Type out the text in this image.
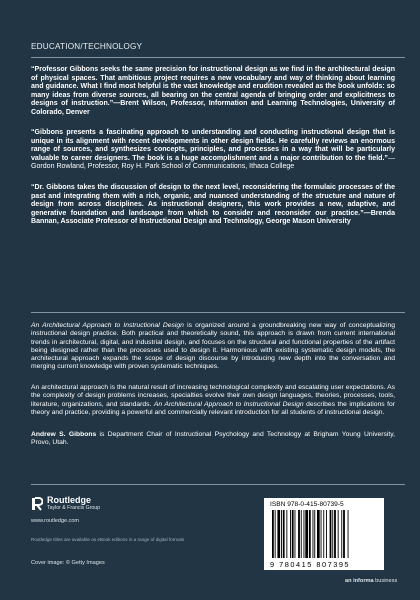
EDUCATION/TECHNOLOGY

“Professor Gibbons seeks the same precision for instructional design as we find in the architectural design of physical spaces. That ambitious project requires a new vocabulary and way of thinking about learning and guidance. What I find most helpful is the vast knowledge and erudition revealed as the book unfolds: so many ideas from diverse sources, all bearing on the central agenda of bringing order and explicitness to designs of instruction.”—Brent Wilson, Professor, Information and Learning Technologies, University of Colorado, Denver

“Gibbons presents a fascinating approach to understanding and conducting instructional design that is unique in its alignment with recent developments in other design fields. He carefully reviews an enormous range of sources, and synthesizes concepts, principles, and processes in a way that will be particularly valuable to career designers. The book is a huge accomplishment and a major contribution to the field.”—Gordon Rowland, Professor, Roy H. Park School of Communications, Ithaca College

“Dr. Gibbons takes the discussion of design to the next level, reconsidering the formulaic processes of the past and integrating them with a rich, organic, and nuanced understanding of the structure and nature of design from across disciplines. As instructional designers, this work provides a new, adaptive, and generative foundation and landscape from which to consider and reconsider our practice.”—Brenda Bannan, Associate Professor of Instructional Design and Technology, George Mason University

An Architectural Approach to Instructional Design is organized around a groundbreaking new way of conceptualizing instructional design practice. Both practical and theoretically sound, this approach is drawn from current international trends in architectural, digital, and industrial design, and focuses on the structural and functional properties of the artifact being designed rather than the processes used to design it. Harmonious with existing systematic design models, the architectural approach expands the scope of design discourse by introducing new depth into the conversation and merging current knowledge with proven systematic techniques.

An architectural approach is the natural result of increasing technological complexity and escalating user expectations. As the complexity of design problems increases, specialties evolve their own design languages, theories, processes, tools, literature, organizations, and standards. An Architectural Approach to Instructional Design describes the implications for theory and practice, providing a powerful and commercially relevant introduction for all students of instructional design.

Andrew S. Gibbons is Department Chair of Instructional Psychology and Technology at Brigham Young University, Provo, Utah.

Routledge
Taylor & Francis Group
www.routledge.com
Routledge titles are available as eBook editions in a range of digital formats
Cover image: © Getty Images
ISBN 978-0-415-80739-5
9 780415 807395
an informa business
